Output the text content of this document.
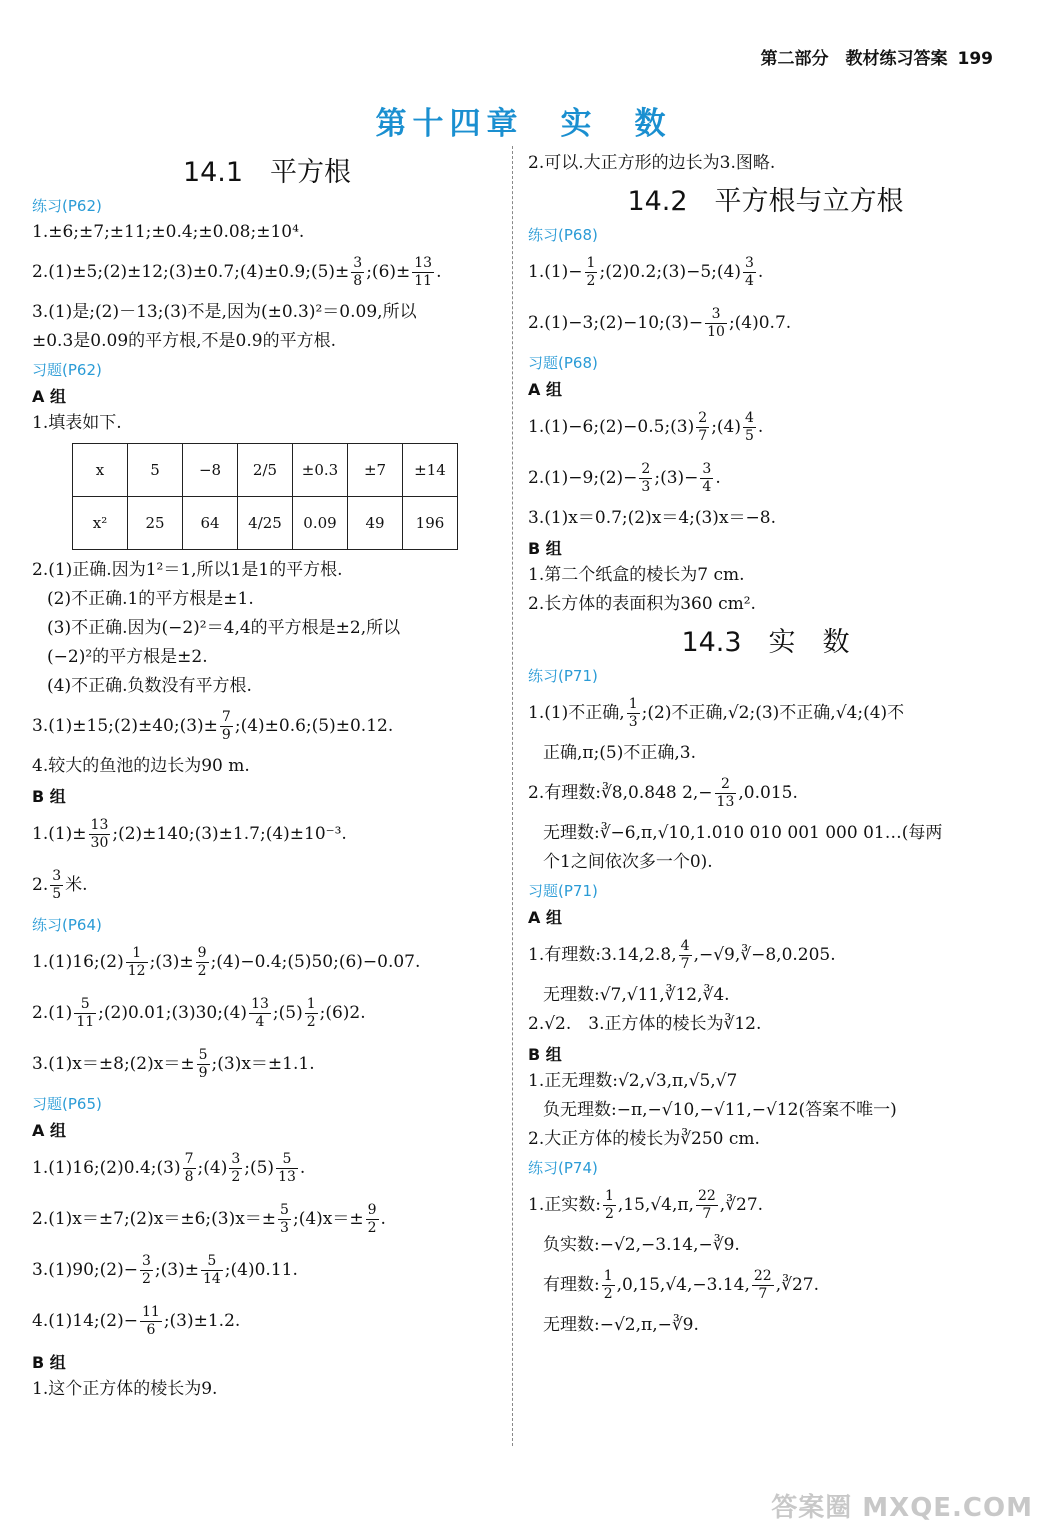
第二部分　教材练习答案 199
第十四章　实　数
14.1　平方根
练习(P62)
1.±6;±7;±11;±0.4;±0.08;±10⁴.
2.(1)±5;(2)±12;(3)±0.7;(4)±0.9;(5)± $\frac{3}{8}$ ;(6)± $\frac{13}{11}$ .
3.(1)是;(2)－13;(3)不是,因为(±0.3)²＝0.09,所以
±0.3是0.09的平方根,不是0.9的平方根.
习题(P62)
A 组
1.填表如下.
x	5	−8	2/5	±0.3	±7	±14
x²	25	64	4/25	0.09	49	196
2.(1)正确.因为1²＝1,所以1是1的平方根.
(2)不正确.1的平方根是±1.
(3)不正确.因为(−2)²＝4,4的平方根是±2,所以
(−2)²的平方根是±2.
(4)不正确.负数没有平方根.
3.(1)±15;(2)±40;(3)± $\frac{7}{9}$ ;(4)±0.6;(5)±0.12.
4.较大的鱼池的边长为90 m.
B 组
$1.(1)\pm \frac{13}{30}$ ;(2)±140;(3)±1.7;(4)±10⁻³.
2. $\frac{3}{5}$ 米.
练习(P64)
1.(1)16;(2) $\frac{1}{12}$ ;(3)± $\frac{9}{2}$ ;(4)−0.4;(5)50;(6)−0.07.
$2.(1) \frac{5}{11}$ ;(2)0.01;(3)30;(4) $\frac{13}{4}$ ;(5) $\frac{1}{2}$ ;(6)2.
3.(1)x＝±8;(2)x＝± $\frac{5}{9}$ ;(3)x＝±1.1.
习题(P65)
A 组
1.(1)16;(2)0.4;(3) $\frac{7}{8}$ ;(4) $\frac{3}{2}$ ;(5) $\frac{5}{13}$ .
2.(1)x＝±7;(2)x＝±6;(3)x＝± $\frac{5}{3}$ ;(4)x＝± $\frac{9}{2}$ .
3.(1)90;(2)− $\frac{3}{2}$ ;(3)± $\frac{5}{14}$ ;(4)0.11.
4.(1)14;(2)− $\frac{11}{6}$ ;(3)±1.2.
B 组
1.这个正方体的棱长为9.
2.可以.大正方形的边长为3.图略.
14.2　平方根与立方根
练习(P68)
$1.(1)- \frac{1}{2}$ ;(2)0.2;(3)−5;(4) $\frac{3}{4}$ .
2.(1)−3;(2)−10;(3)− $\frac{3}{10}$ ;(4)0.7.
习题(P68)
A 组
1.(1)−6;(2)−0.5;(3) $\frac{2}{7}$ ;(4) $\frac{4}{5}$ .
2.(1)−9;(2)− $\frac{2}{3}$ ;(3)− $\frac{3}{4}$ .
3.(1)x＝0.7;(2)x＝4;(3)x＝−8.
B 组
1.第二个纸盒的棱长为7 cm.
2.长方体的表面积为360 cm².
14.3　实　数
练习(P71)
1.(1)不正确, $\frac{1}{3}$ ;(2)不正确,√2;(3)不正确,√4;(4)不
正确,π;(5)不正确,3.
2.有理数:∛8,0.848 $2,- \frac{2}{13}$ ,0.015̇.
无理数:∛−6,π,√10,1.010 010 001 000 01…(每两
个1之间依次多一个0).
习题(P71)
A 组
1.有理数:3.14,2.8̇, $\frac{4}{7}$ ,−√9,∛−8,0.205.
无理数:√7,√11,∛12,∛4.
2.√2.　3.正方体的棱长为∛12.
B 组
1.正无理数:√2,√3,π,√5,√7
负无理数:−π,−√10,−√11,−√12(答案不唯一)
2.大正方体的棱长为∛250 cm.
练习(P74)
1.正实数: $\frac{1}{2} ,15,√4,\pi$, $\frac{22}{7}$ ,∛27.
负实数:−√2,−3.14,−∛9.
有理数: $\frac{1}{2} ,0,15,√4,-3.14$, $\frac{22}{7}$ ,∛27.
无理数:−√2,π,−∛9.
答案圈 MXQE.COM
